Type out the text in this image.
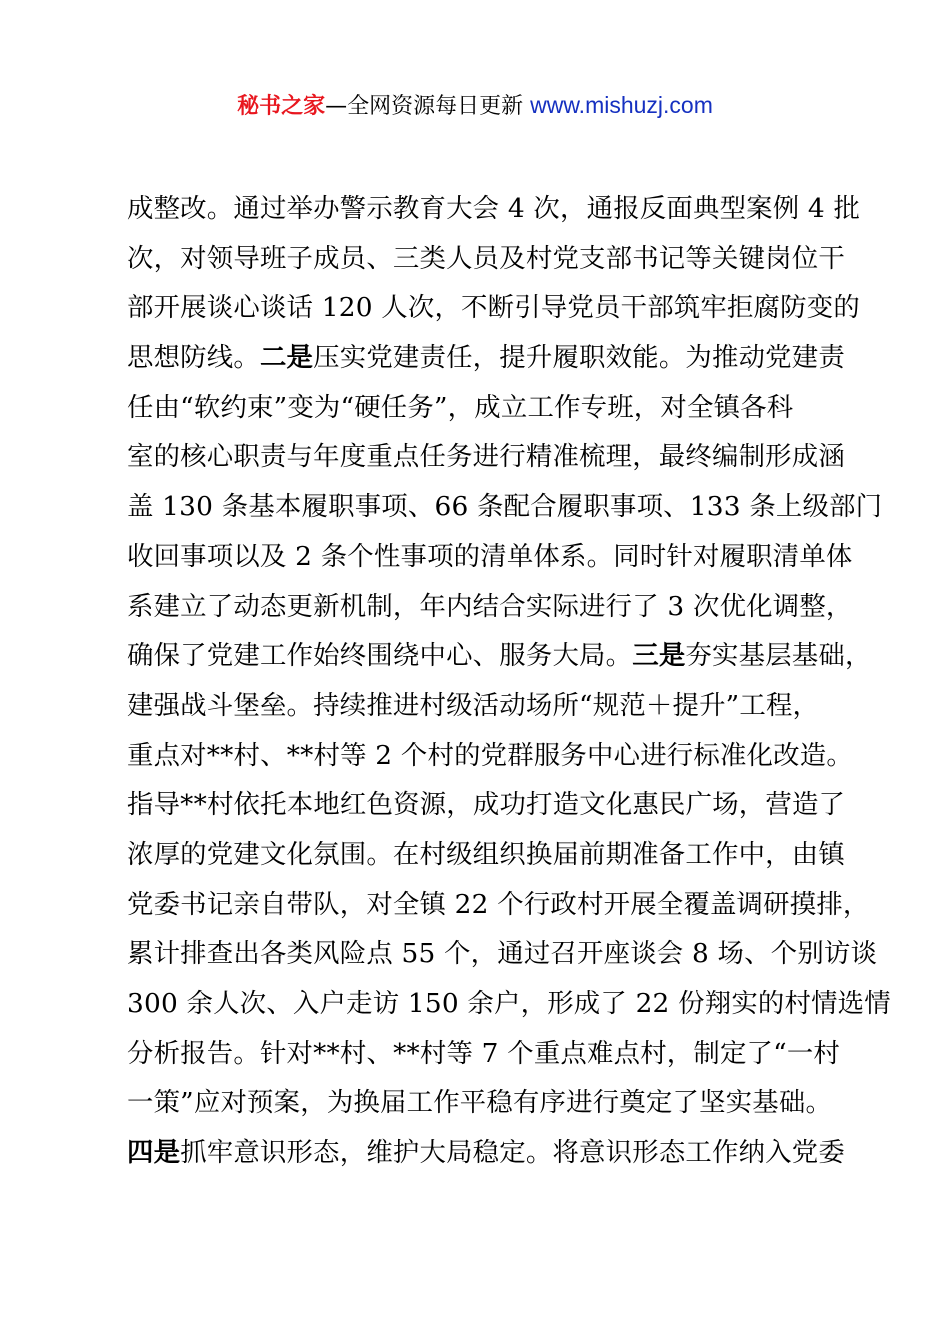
秘书之家—全网资源每日更新 www.mishuzj.com
成整改。通过举办警示教育大会 4 次，通报反面典型案例 4 批
次，对领导班子成员、三类人员及村党支部书记等关键岗位干
部开展谈心谈话 120 人次，不断引导党员干部筑牢拒腐防变的
思想防线。二是压实党建责任，提升履职效能。为推动党建责
任由“软约束”变为“硬任务”，成立工作专班，对全镇各科
室的核心职责与年度重点任务进行精准梳理，最终编制形成涵
盖 130 条基本履职事项、66 条配合履职事项、133 条上级部门
收回事项以及 2 条个性事项的清单体系。同时针对履职清单体
系建立了动态更新机制，年内结合实际进行了 3 次优化调整，
确保了党建工作始终围绕中心、服务大局。三是夯实基层基础，
建强战斗堡垒。持续推进村级活动场所“规范＋提升”工程，
重点对**村、**村等 2 个村的党群服务中心进行标准化改造。
指导**村依托本地红色资源，成功打造文化惠民广场，营造了
浓厚的党建文化氛围。在村级组织换届前期准备工作中，由镇
党委书记亲自带队，对全镇 22 个行政村开展全覆盖调研摸排，
累计排查出各类风险点 55 个，通过召开座谈会 8 场、个别访谈
300 余人次、入户走访 150 余户，形成了 22 份翔实的村情选情
分析报告。针对**村、**村等 7 个重点难点村，制定了“一村
一策”应对预案，为换届工作平稳有序进行奠定了坚实基础。
四是抓牢意识形态，维护大局稳定。将意识形态工作纳入党委
